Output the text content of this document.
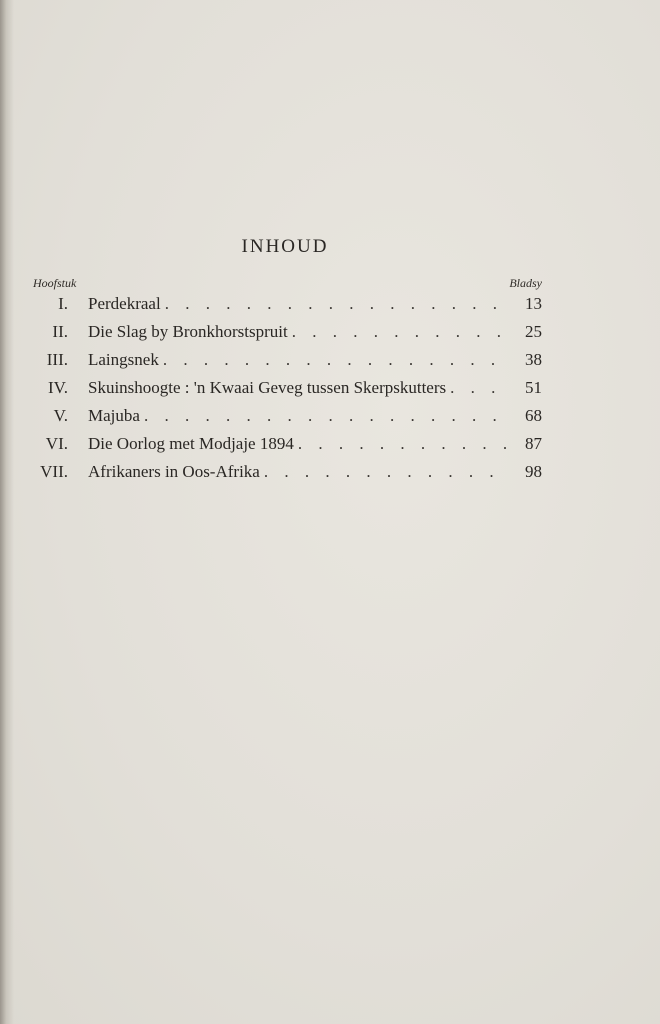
INHOUD
Hoofstuk	Bladsy
I. Perdekraal . . .	13
II. Die Slag by Bronkhorstspruit . . .	25
III. Laingsnek . . .	38
IV. Skuinshoogte : 'n Kwaai Geveg tussen Skerpskutters . . .	51
V. Majuba . . .	68
VI. Die Oorlog met Modjaje 1894 . . .	87
VII. Afrikaners in Oos-Afrika . . .	98
